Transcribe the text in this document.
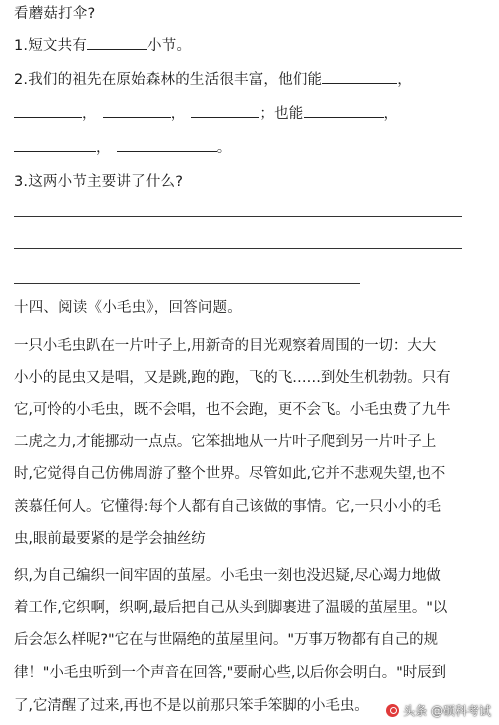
看蘑菇打伞?
1.短文共有	小节。
2.我们的祖先在原始森林的生活很丰富，他们能	，
，	，	；也能	，
，	。
3.这两小节主要讲了什么?
十四、阅读《小毛虫》，回答问题。
一只小毛虫趴在一片叶子上,用新奇的目光观察着周围的一切：大大
小小的昆虫又是唱，又是跳,跑的跑，飞的飞……到处生机勃勃。只有
它,可怜的小毛虫，既不会唱，也不会跑，更不会飞。小毛虫费了九牛
二虎之力,才能挪动一点点。它笨拙地从一片叶子爬到另一片叶子上
时,它觉得自己仿佛周游了整个世界。尽管如此,它并不悲观失望,也不
羡慕任何人。它懂得:每个人都有自己该做的事情。它,一只小小的毛
虫,眼前最要紧的是学会抽丝纺
织,为自己编织一间牢固的茧屋。小毛虫一刻也没迟疑,尽心竭力地做
着工作,它织啊，织啊,最后把自己从头到脚裹进了温暖的茧屋里。"以
后会怎么样呢?"它在与世隔绝的茧屋里问。"万事万物都有自己的规
律！"小毛虫听到一个声音在回答,"要耐心些,以后你会明白。"时辰到
了,它清醒了过来,再也不是以前那只笨手笨脚的小毛虫。	头条 @硕科考试
